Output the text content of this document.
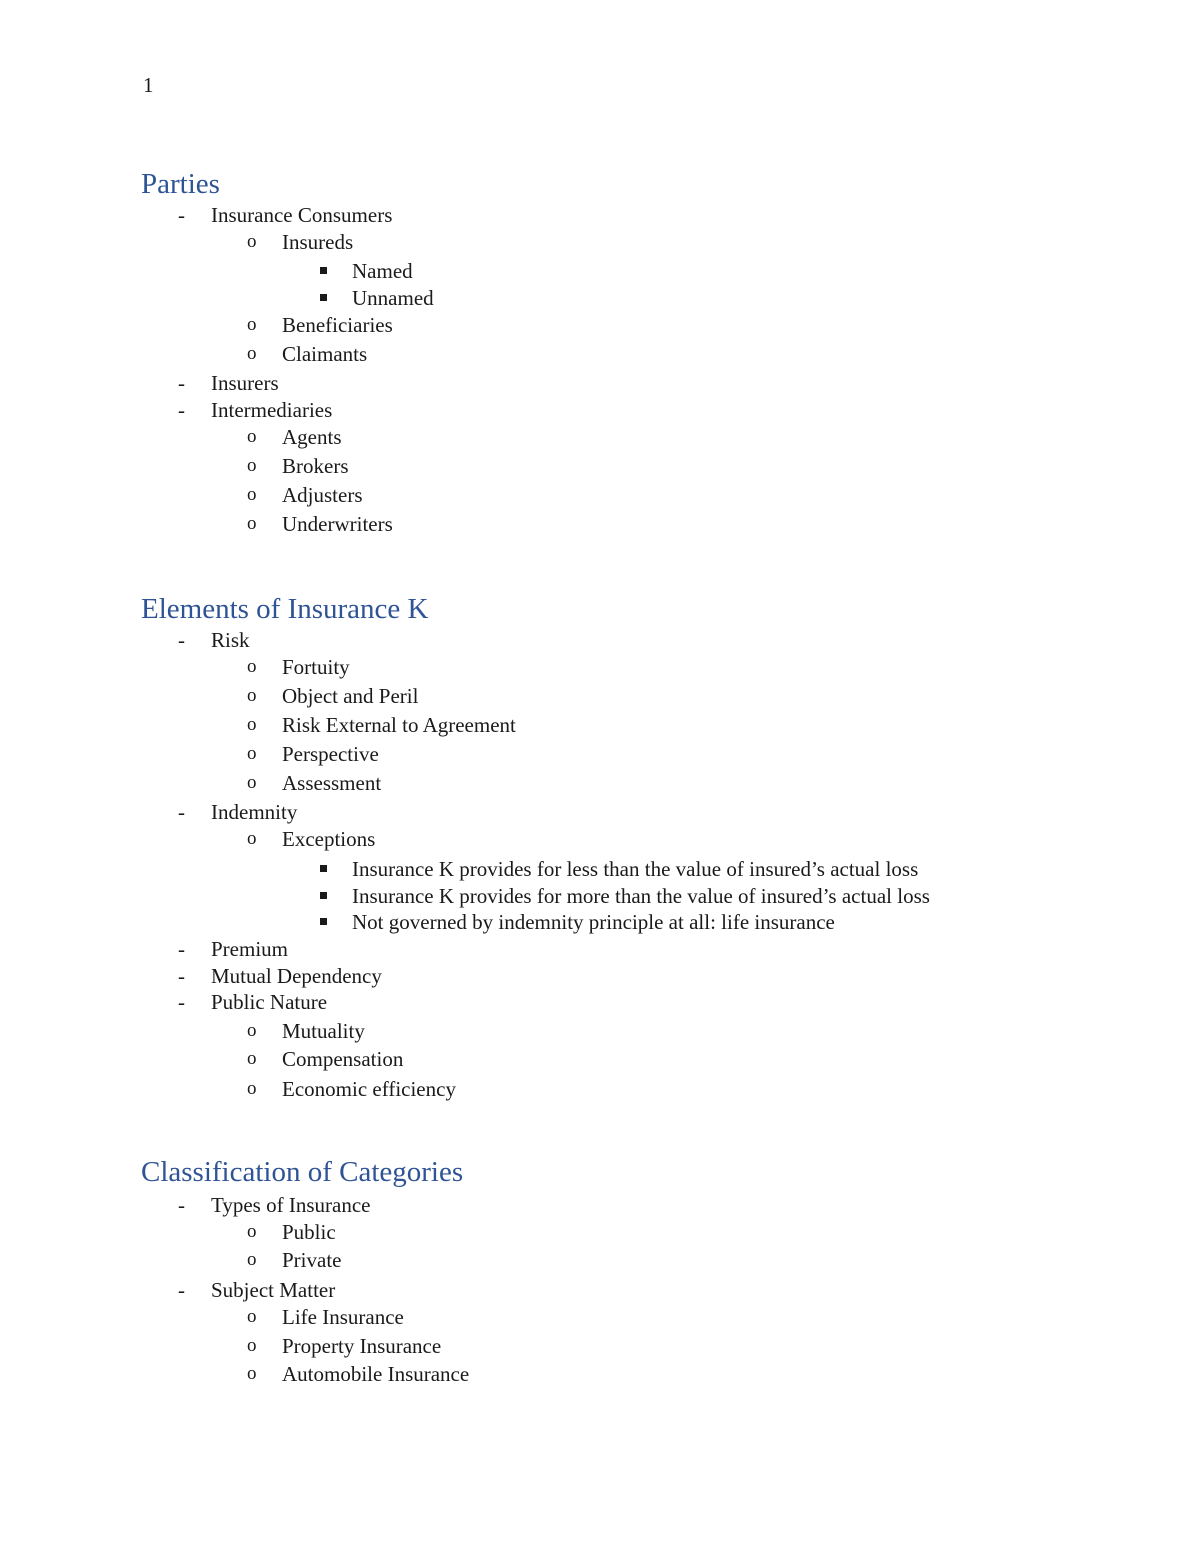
1
Parties
- Insurance Consumers
o Insureds
Named
Unnamed
o Beneficiaries
o Claimants
- Insurers
- Intermediaries
o Agents
o Brokers
o Adjusters
o Underwriters
Elements of Insurance K
- Risk
o Fortuity
o Object and Peril
o Risk External to Agreement
o Perspective
o Assessment
- Indemnity
o Exceptions
Insurance K provides for less than the value of insured’s actual loss
Insurance K provides for more than the value of insured’s actual loss
Not governed by indemnity principle at all: life insurance
- Premium
- Mutual Dependency
- Public Nature
o Mutuality
o Compensation
o Economic efficiency
Classification of Categories
- Types of Insurance
o Public
o Private
- Subject Matter
o Life Insurance
o Property Insurance
o Automobile Insurance
